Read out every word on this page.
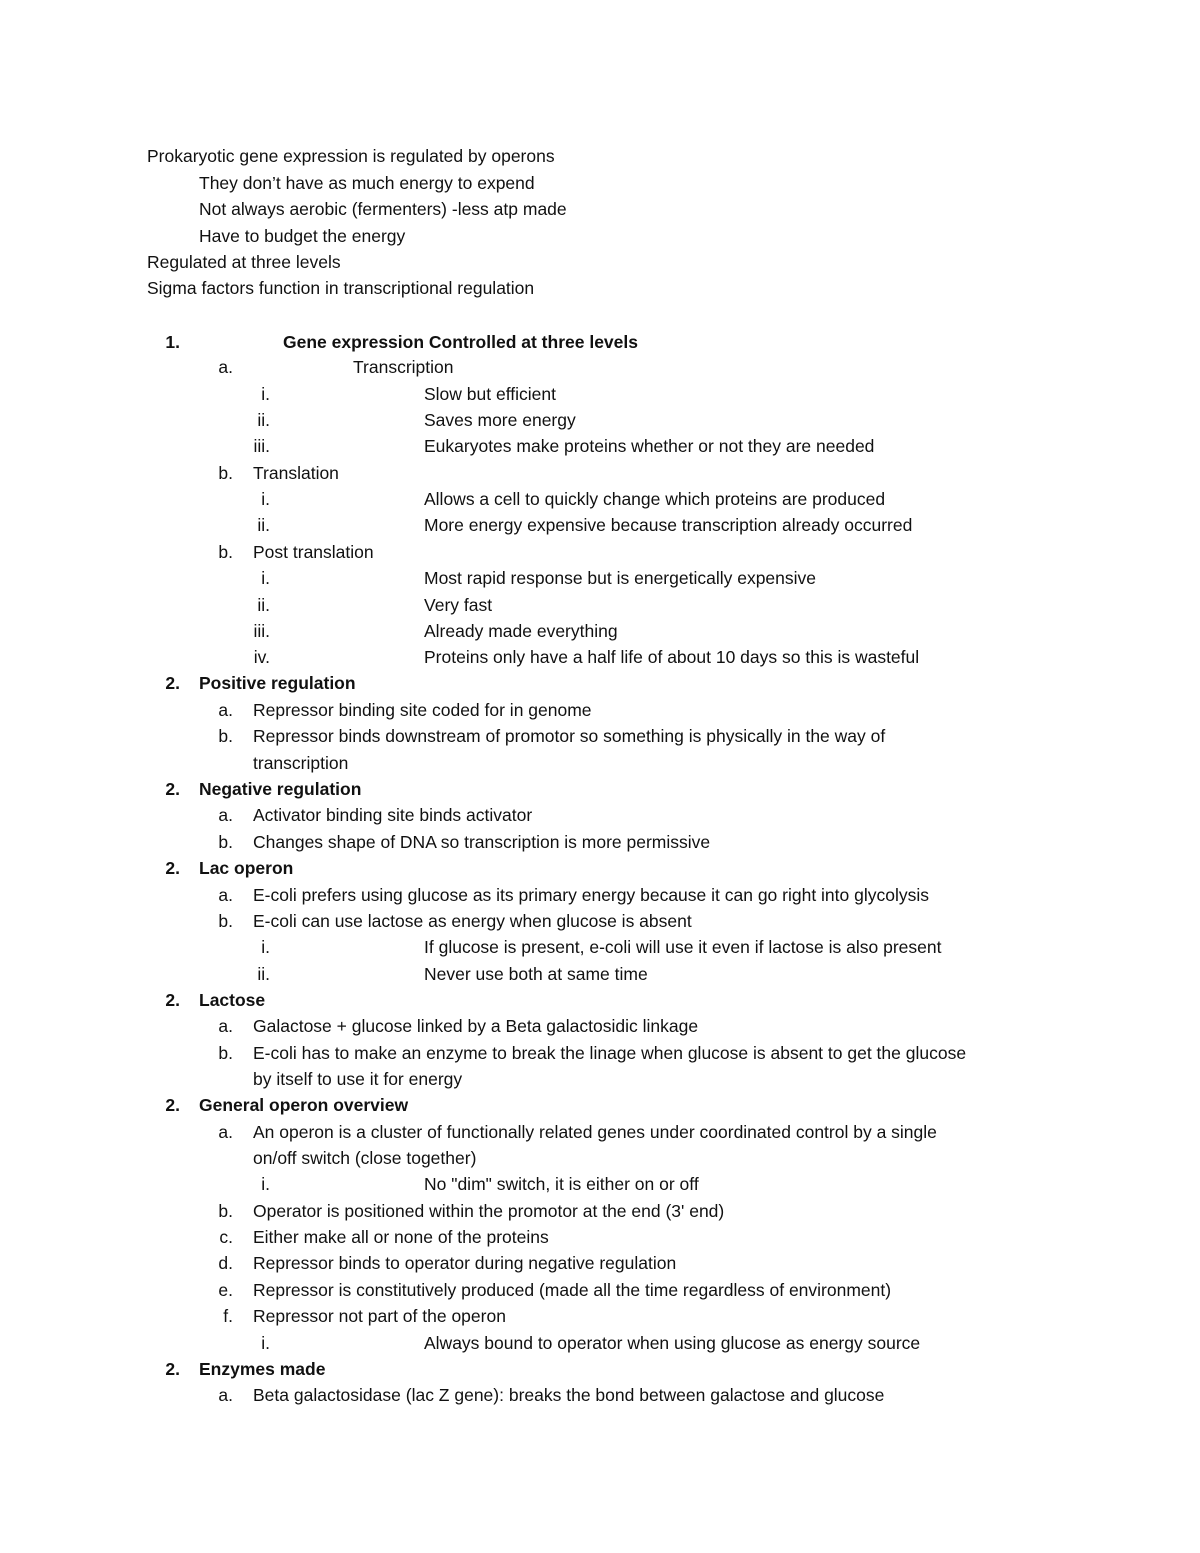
Prokaryotic gene expression is regulated by operons
They don’t have as much energy to expend
Not always aerobic (fermenters) -less atp made
Have to budget the energy
Regulated at three levels
Sigma factors function in transcriptional regulation
1.	Gene expression Controlled at three levels
a.	Transcription
i.	Slow but efficient
ii.	Saves more energy
iii.	Eukaryotes make proteins whether or not they are needed
b. Translation
i.	Allows a cell to quickly change which proteins are produced
ii.	More energy expensive because transcription already occurred
b. Post translation
i.	Most rapid response but is energetically expensive
ii.	Very fast
iii.	Already made everything
iv.	Proteins only have a half life of about 10 days so this is wasteful
2. Positive regulation
a. Repressor binding site coded for in genome
b. Repressor binds downstream of promotor so something is physically in the way of
transcription
2. Negative regulation
a. Activator binding site binds activator
b. Changes shape of DNA so transcription is more permissive
2. Lac operon
a. E-coli prefers using glucose as its primary energy because it can go right into glycolysis
b. E-coli can use lactose as energy when glucose is absent
i.	If glucose is present, e-coli will use it even if lactose is also present
ii.	Never use both at same time
2. Lactose
a. Galactose + glucose linked by a Beta galactosidic linkage
b. E-coli has to make an enzyme to break the linage when glucose is absent to get the glucose
by itself to use it for energy
2. General operon overview
a. An operon is a cluster of functionally related genes under coordinated control by a single
on/off switch (close together)
i.	No "dim" switch, it is either on or off
b. Operator is positioned within the promotor at the end (3' end)
c. Either make all or none of the proteins
d. Repressor binds to operator during negative regulation
e. Repressor is constitutively produced (made all the time regardless of environment)
f. Repressor not part of the operon
i.	Always bound to operator when using glucose as energy source
2. Enzymes made
a. Beta galactosidase (lac Z gene): breaks the bond between galactose and glucose
